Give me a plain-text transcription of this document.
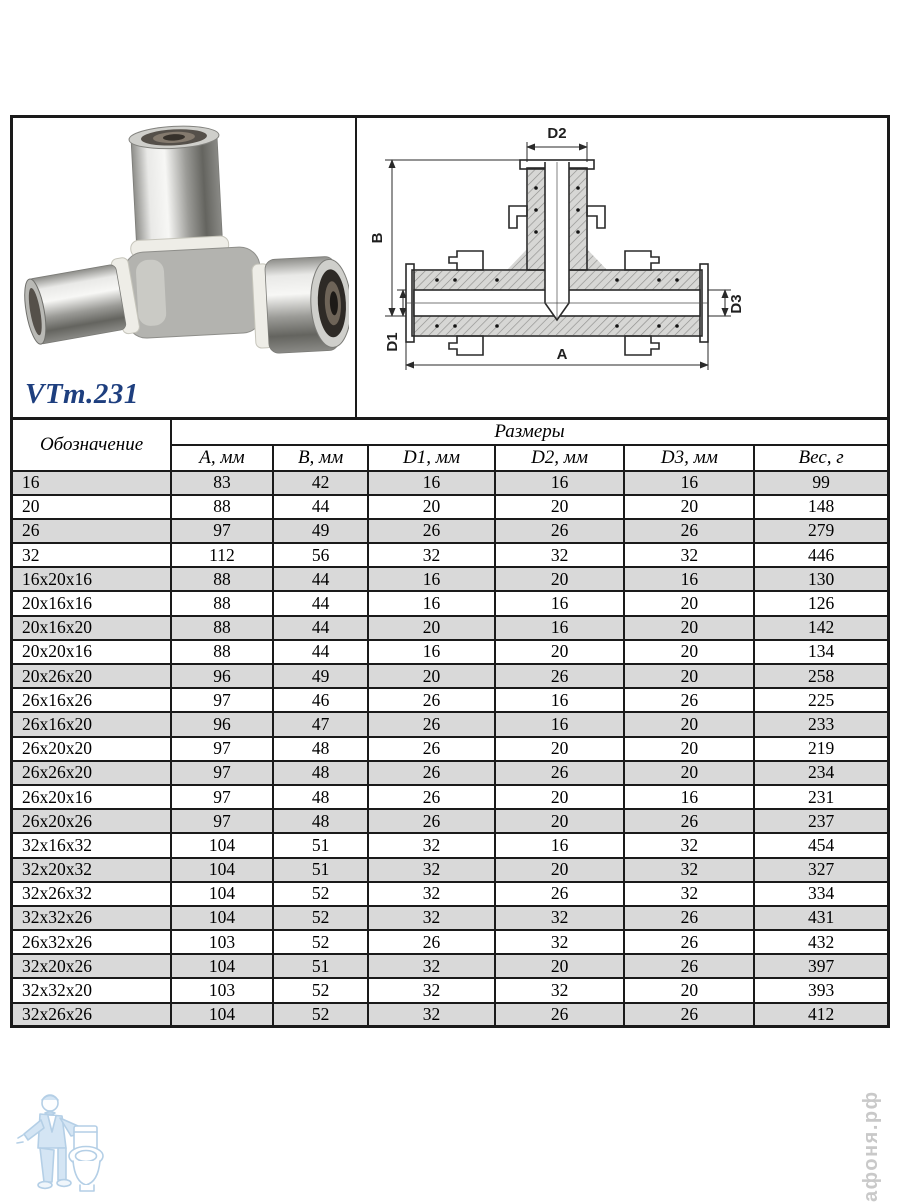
VTm.231
D2
B
D1
D3
A
Обозначение	Размеры					
	А, мм	В, мм	D1, мм	D2, мм	D3, мм	Вес, г
16	83	42	16	16	16	99
20	88	44	20	20	20	148
26	97	49	26	26	26	279
32	112	56	32	32	32	446
16x20x16	88	44	16	20	16	130
20x16x16	88	44	16	16	20	126
20x16x20	88	44	20	16	20	142
20x20x16	88	44	16	20	20	134
20x26x20	96	49	20	26	20	258
26x16x26	97	46	26	16	26	225
26x16x20	96	47	26	16	20	233
26x20x20	97	48	26	20	20	219
26x26x20	97	48	26	26	20	234
26x20x16	97	48	26	20	16	231
26x20x26	97	48	26	20	26	237
32x16x32	104	51	32	16	32	454
32x20x32	104	51	32	20	32	327
32x26x32	104	52	32	26	32	334
32x32x26	104	52	32	32	26	431
26x32x26	103	52	26	32	26	432
32x20x26	104	51	32	20	26	397
32x32x20	103	52	32	32	20	393
32x26x26	104	52	32	26	26	412
афоня.рф
